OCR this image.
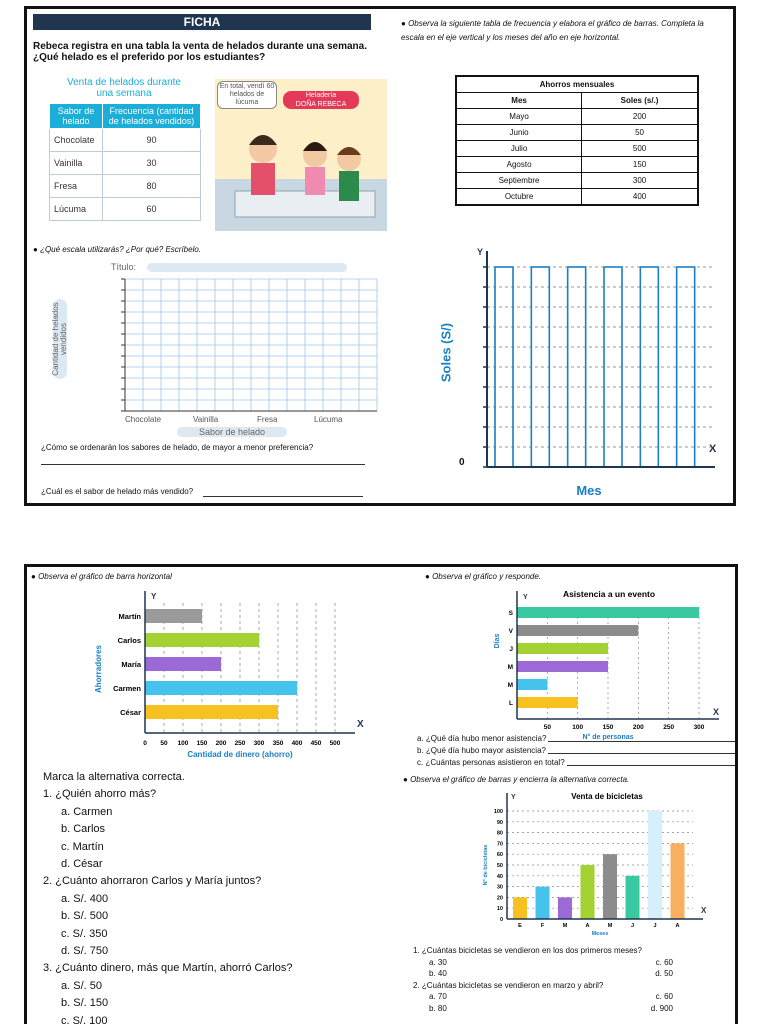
FICHA
Rebeca registra en una tabla la venta de helados durante una semana. ¿Qué helado es el preferido por los estudiantes?
Venta de helados durante
una semana
Sabor de helado	Frecuencia (cantidad de helados vendidos)
Chocolate	90
Vainilla	30
Fresa	80
Lúcuma	60
En total, vendí 60 helados de lúcuma
Heladería
DOÑA REBECA
● ¿Qué escala utilizarás? ¿Por qué? Escríbelo.
Título:
Cantidad de helados vendidos
Chocolate	Vainilla	Fresa	Lúcuma
Sabor de helado
¿Cómo se ordenarán los sabores de helado, de mayor a menor preferencia?
¿Cuál es el sabor de helado más vendido?
● Observa la siguiente tabla de frecuencia y elabora el gráfico de barras. Completa la escala en el eje vertical y los meses del año en eje horizontal.
Ahorros mensuales	
Mes	Soles (s/.)
Mayo	200
Junio	50
Julio	500
Agosto	150
Septiembre	300
Octubre	400
Y
X
0
Soles (S/)
Mes
● Observa el gráfico de barra horizontal
0 50 100 150 200 250 300 350 400 450 500
Martín
Carlos
María
Carmen
César
Y
X
Cantidad de dinero (ahorro)
Ahorradores

Marca la alternativa correcta.

1. ¿Quién ahorro más?

a. Carmen

b. Carlos

c. Martín

d. César

2. ¿Cuánto ahorraron Carlos y María juntos?

a. S/. 400

b. S/. 500

c. S/. 350

d. S/. 750

3. ¿Cuánto dinero, más que Martín, ahorró Carlos?

a. S/. 50

b. S/. 150

c. S/. 100

● Observa el gráfico y responde.
Asistencia a un evento
50	100	150	200	250	300
S
V
J
M
M
L
Y
X
N° de personas
Días
a. ¿Qué día hubo menor asistencia?
b. ¿Qué día hubo mayor asistencia?
c. ¿Cuántas personas asistieron en total?
● Observa el gráfico de barras y encierra la alternativa correcta.
Venta de bicicletas
0
10
20
30
40
50
60
70
80
90
100
E	F	M	A	M	J	J	A
Y
X
Meses
N° de bicicletas
1. ¿Cuántas bicicletas se vendieron en los dos primeros meses?
a. 30	c. 60
b. 40	d. 50
2. ¿Cuántas bicicletas se vendieron en marzo y abril?
a. 70	c. 60
b. 80	d. 900
